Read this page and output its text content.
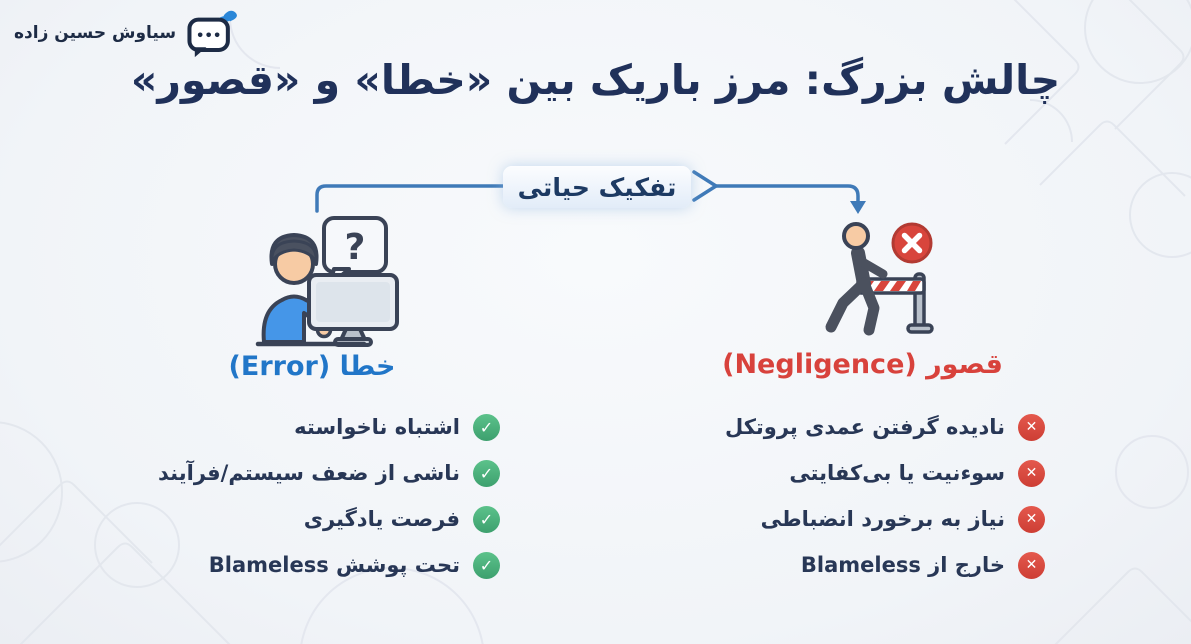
سیاوش حسین زاده
چالش بزرگ: مرز باریک بین «خطا» و «قصور»
تفکیک حیاتی
?
خطا (Error)	قصور (Negligence)
✓
اشتباه ناخواسته
✓
ناشی از ضعف سیستم/فرآیند
✓
فرصت یادگیری
✓
تحت پوشش Blameless
✕
نادیده گرفتن عمدی پروتکل
✕
سوءنیت یا بی‌کفایتی
✕
نیاز به برخورد انضباطی
✕
خارج از Blameless
